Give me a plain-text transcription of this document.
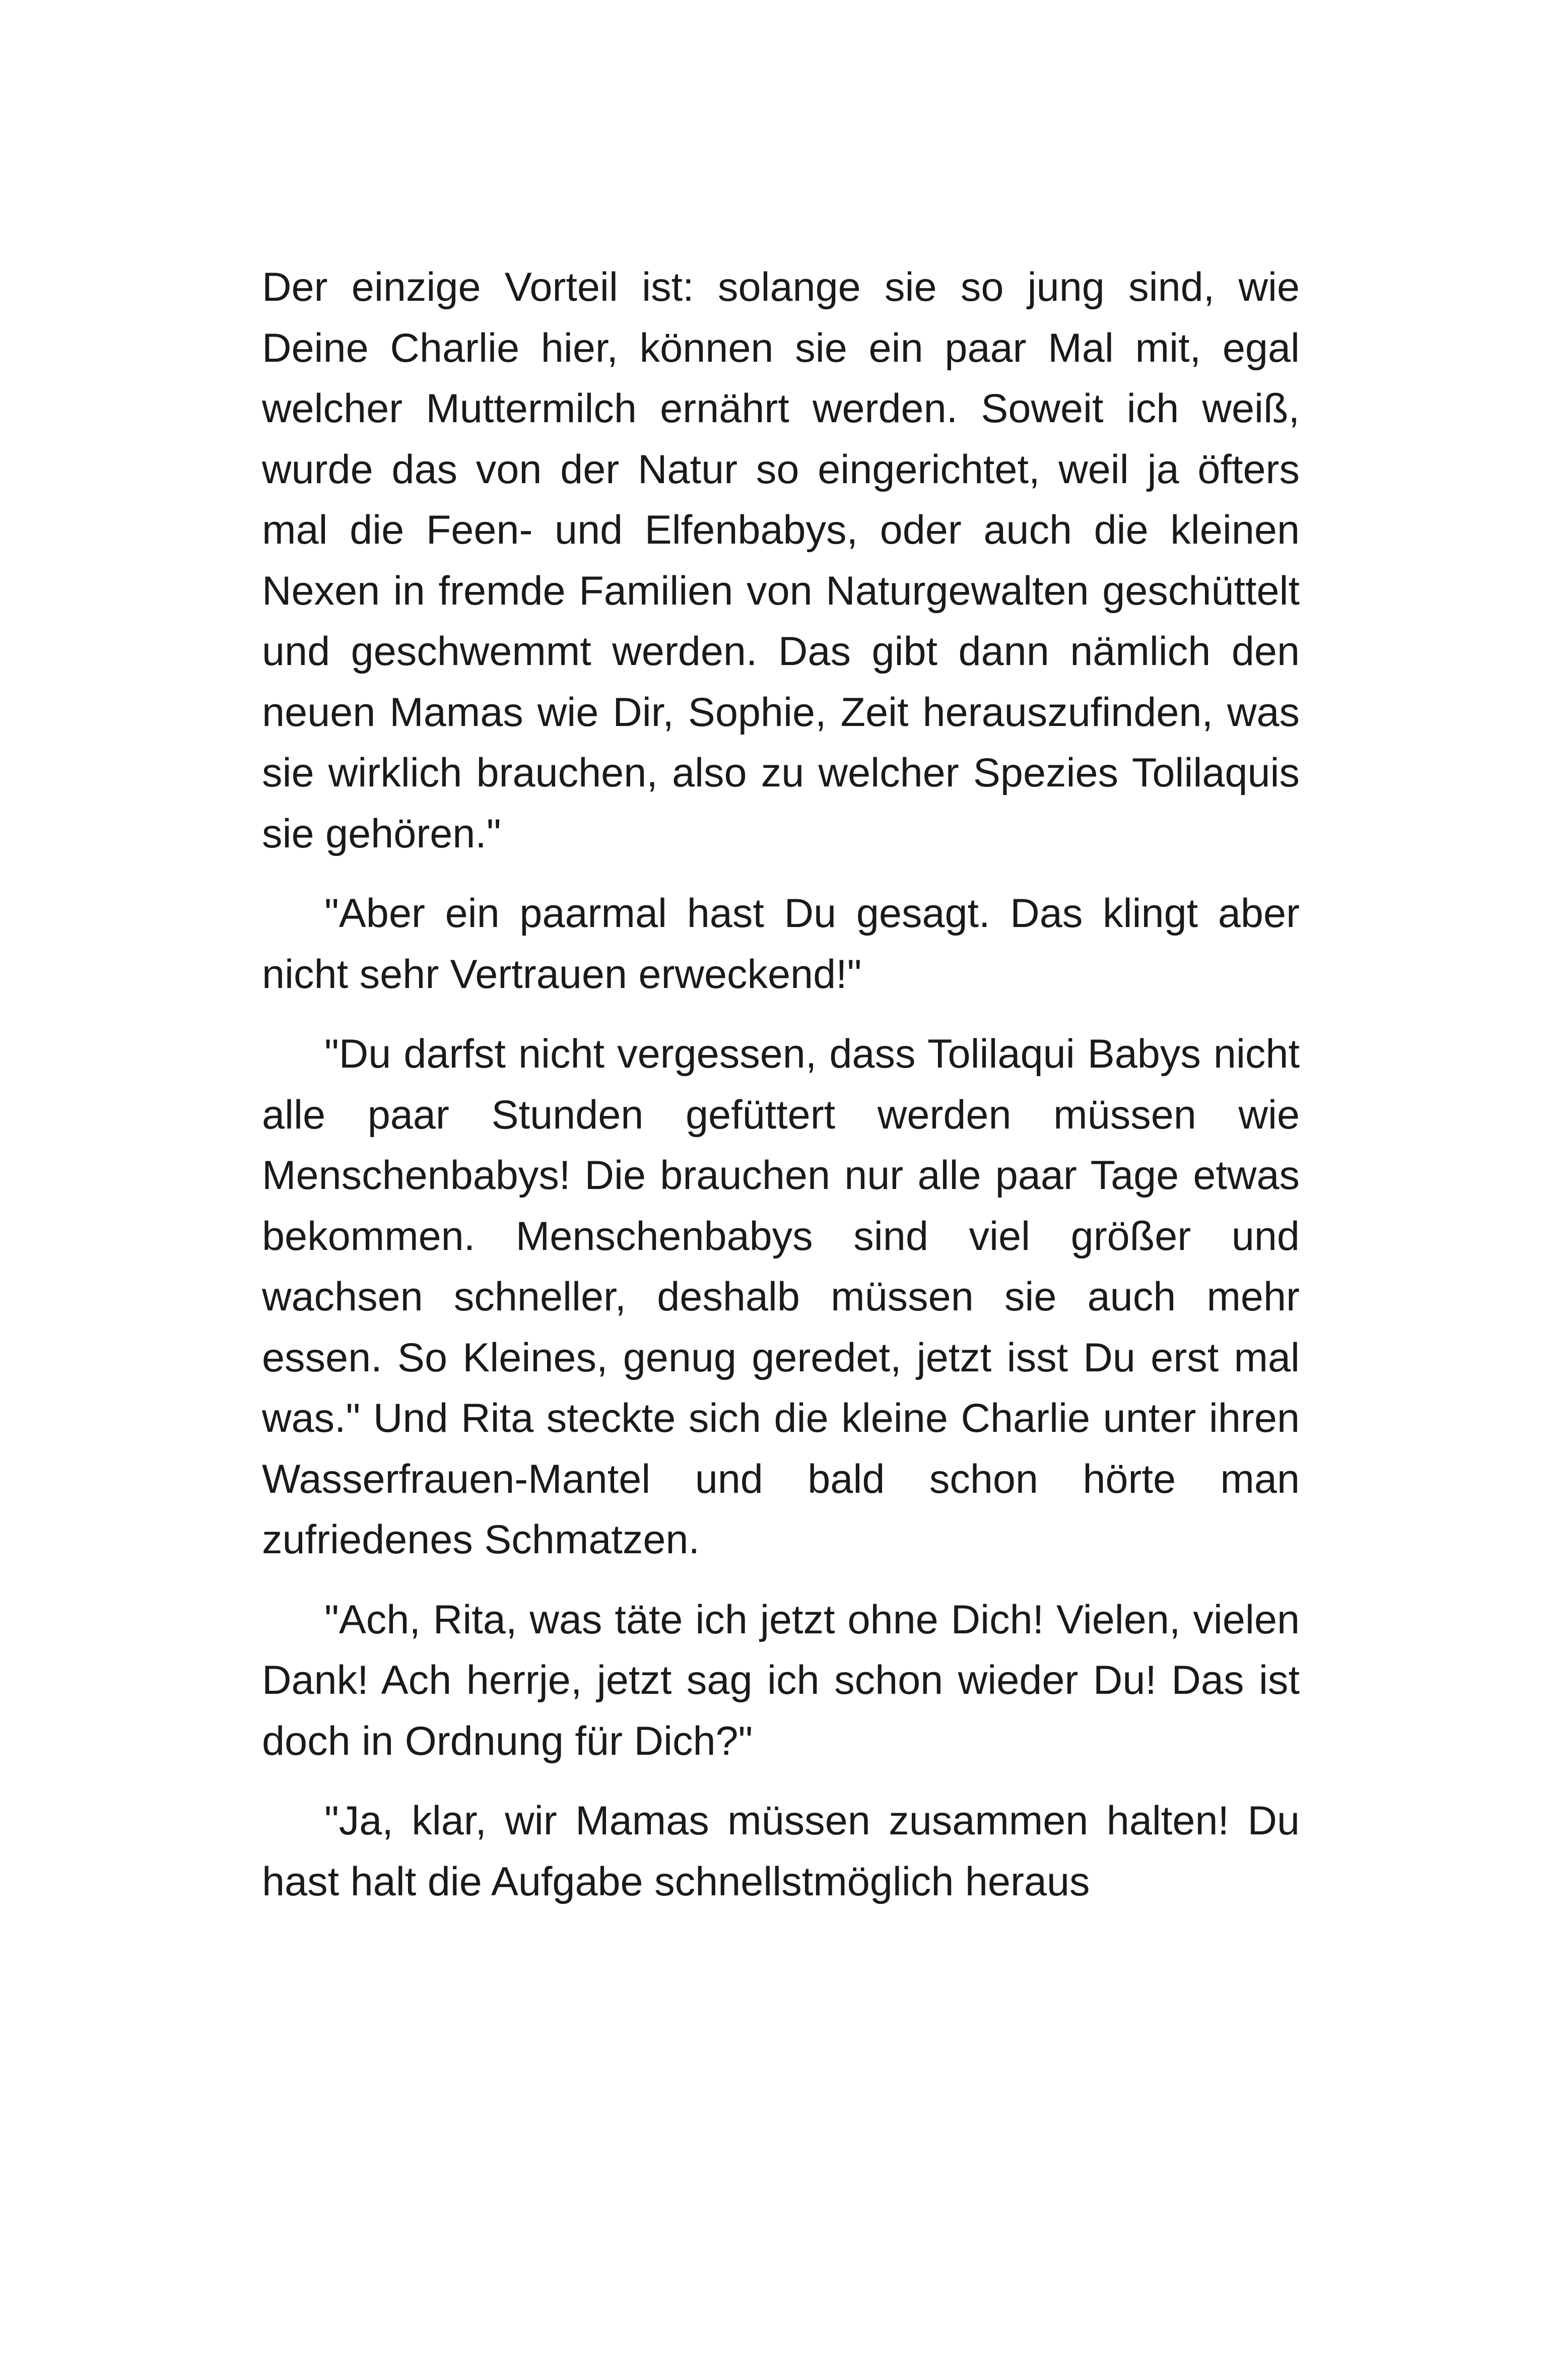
Der einzige Vorteil ist: solange sie so jung sind, wie Deine Charlie hier, können sie ein paar Mal mit, egal welcher Muttermilch ernährt werden. Soweit ich weiß, wurde das von der Natur so eingerichtet, weil ja öfters mal die Feen- und Elfenbabys, oder auch die kleinen Nexen in fremde Familien von Naturgewalten geschüttelt und geschwemmt werden. Das gibt dann nämlich den neuen Mamas wie Dir, Sophie, Zeit herauszufinden, was sie wirklich brauchen, also zu welcher Spezies Tolilaquis sie gehören."

"Aber ein paarmal hast Du gesagt. Das klingt aber nicht sehr Vertrauen erweckend!"

"Du darfst nicht vergessen, dass Tolilaqui Babys nicht alle paar Stunden gefüttert werden müssen wie Menschenbabys! Die brauchen nur alle paar Tage etwas bekommen. Menschenbabys sind viel größer und wachsen schneller, deshalb müssen sie auch mehr essen. So Kleines, genug geredet, jetzt isst Du erst mal was." Und Rita steckte sich die kleine Charlie unter ihren Wasserfrauen-Mantel und bald schon hörte man zufriedenes Schmatzen.

"Ach, Rita, was täte ich jetzt ohne Dich! Vielen, vielen Dank! Ach herrje, jetzt sag ich schon wieder Du! Das ist doch in Ordnung für Dich?"

"Ja, klar, wir Mamas müssen zusammen halten! Du hast halt die Aufgabe schnellstmöglich heraus
